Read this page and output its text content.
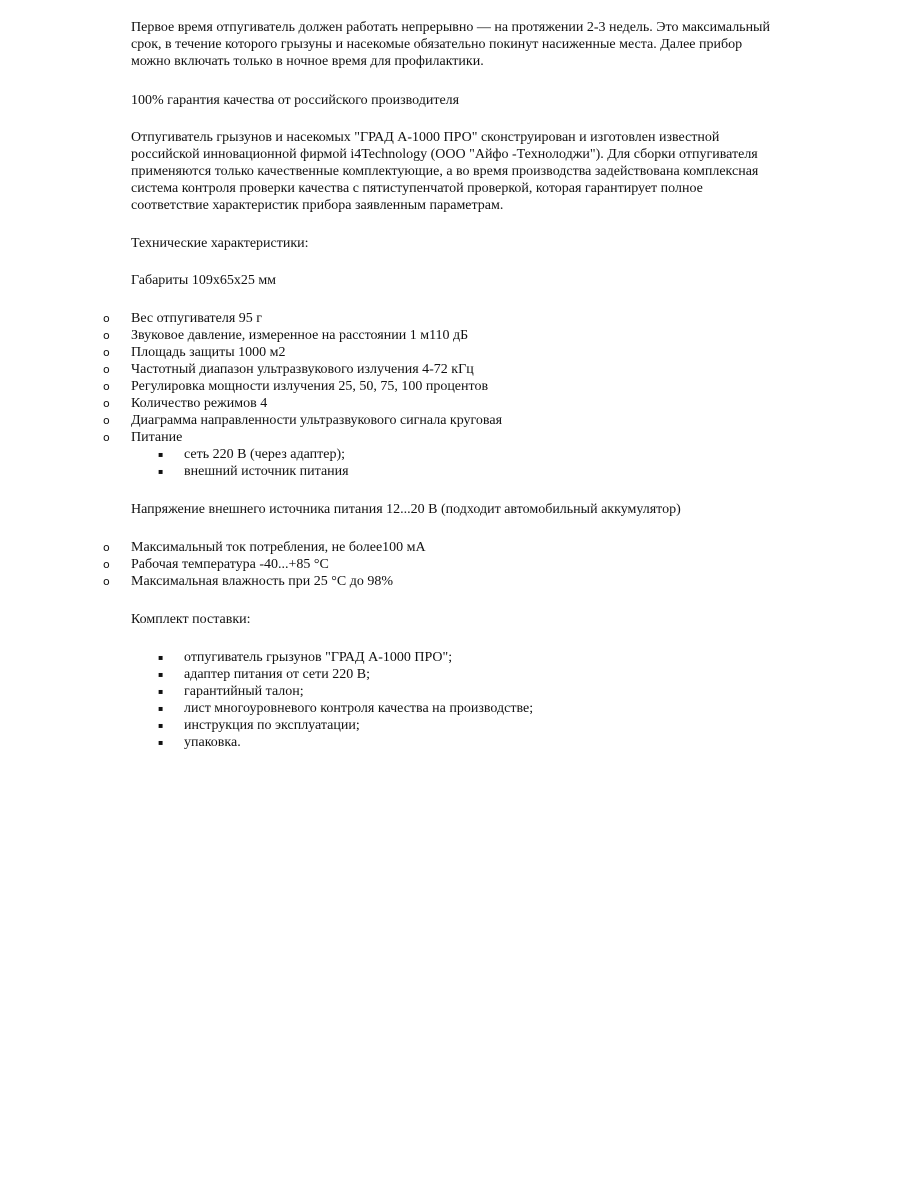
Первое время отпугиватель должен работать непрерывно — на протяжении 2-3 недель. Это максимальный
срок, в течение которого грызуны и насекомые обязательно покинут насиженные места. Далее прибор
можно включать только в ночное время для профилактики.

100% гарантия качества от российского производителя

Отпугиватель грызунов и насекомых "ГРАД А-1000 ПРО" сконструирован и изготовлен известной
российской инновационной фирмой i4Technology (ООО "Айфо -Технолоджи"). Для сборки отпугивателя
применяются только качественные комплектующие, а во время производства задействована комплексная
система контроля проверки качества с пятиступенчатой проверкой, которая гарантирует полное
соответствие характеристик прибора заявленным параметрам.

Технические характеристики:

Габариты 109х65х25 мм

o Вес отпугивателя 95 г
o Звуковое давление, измеренное на расстоянии 1 м110 дБ
o Площадь защиты 1000 м2
o Частотный диапазон ультразвукового излучения 4-72 кГц
o Регулировка мощности излучения 25, 50, 75, 100 процентов
o Количество режимов 4
o Диаграмма направленности ультразвукового сигнала круговая
o Питание
▪ сеть 220 В (через адаптер);
▪ внешний источник питания

Напряжение внешнего источника питания 12...20 В (подходит автомобильный аккумулятор)

o Максимальный ток потребления, не более100 мА
o Рабочая температура -40...+85 °С
o Максимальная влажность при 25 °С до 98%

Комплект поставки:

▪ отпугиватель грызунов "ГРАД А-1000 ПРО";
▪ адаптер питания от сети 220 В;
▪ гарантийный талон;
▪ лист многоуровневого контроля качества на производстве;
▪ инструкция по эксплуатации;
▪ упаковка.
